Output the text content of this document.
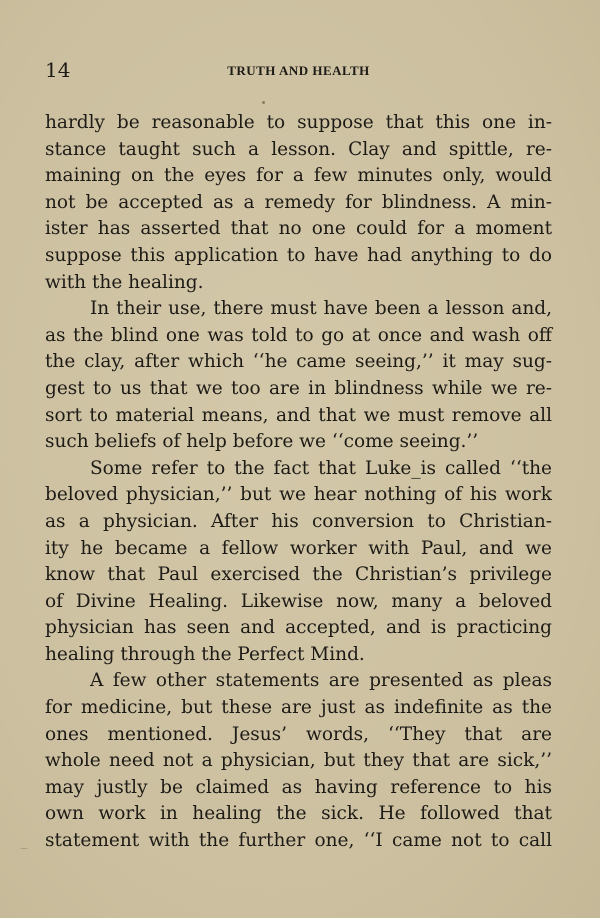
14	TRUTH AND HEALTH
hardly be reasonable to suppose that this one in-
stance taught such a lesson. Clay and spittle, re-
maining on the eyes for a few minutes only, would
not be accepted as a remedy for blindness. A min-
ister has asserted that no one could for a moment
suppose this application to have had anything to do
with the healing.
In their use, there must have been a lesson and,
as the blind one was told to go at once and wash off
the clay, after which ‘‘he came seeing,’’ it may sug-
gest to us that we too are in blindness while we re-
sort to material means, and that we must remove all
such beliefs of help before we ‘‘come seeing.’’
Some refer to the fact that Luke_is called ‘‘the
beloved physician,’’ but we hear nothing of his work
as a physician. After his conversion to Christian-
ity he became a fellow worker with Paul, and we
know that Paul exercised the Christian’s privilege
of Divine Healing. Likewise now, many a beloved
physician has seen and accepted, and is practicing
healing through the Perfect Mind.
A few other statements are presented as pleas
for medicine, but these are just as indefinite as the
ones mentioned. Jesus’ words, ‘‘They that are
whole need not a physician, but they that are sick,’’
may justly be claimed as having reference to his
own work in healing the sick. He followed that
statement with the further one, ‘‘I came not to call
